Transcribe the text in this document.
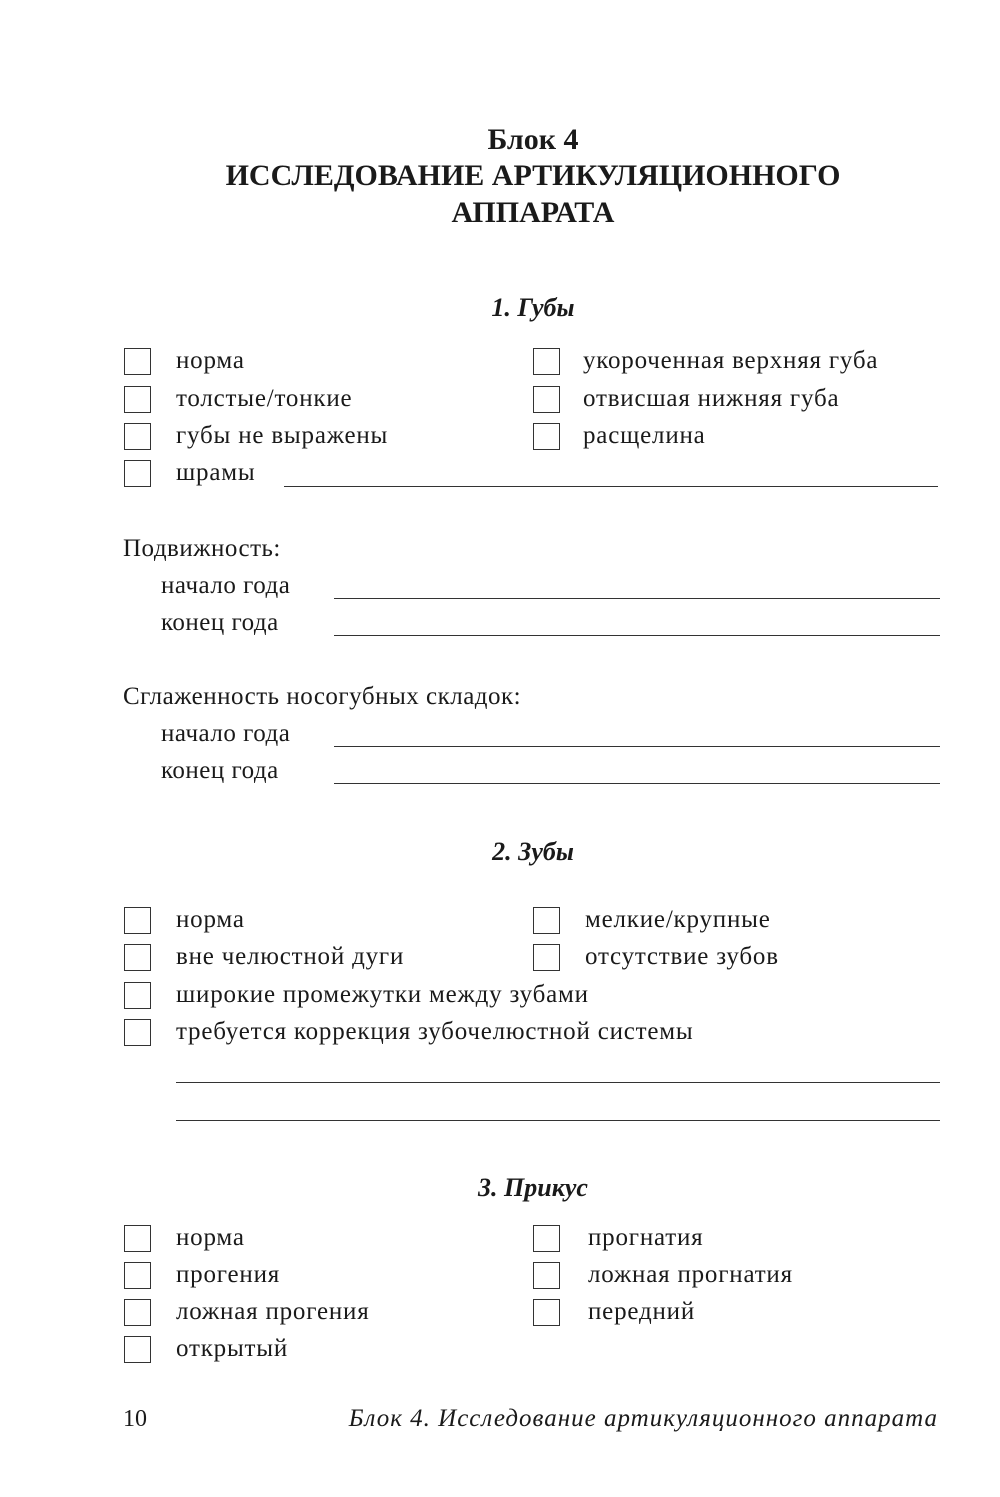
Блок 4
ИССЛЕДОВАНИЕ АРТИКУЛЯЦИОННОГО
АППАРАТА
1. Губы
норма
толстые/тонкие
губы не выражены
шрамы
укороченная верхняя губа
отвисшая нижняя губа
расщелина
Подвижность:
начало года
конец года
Сглаженность носогубных складок:
начало года
конец года
2. Зубы
норма
вне челюстной дуги
мелкие/крупные
отсутствие зубов
широкие промежутки между зубами
требуется коррекция зубочелюстной системы
3. Прикус
норма
прогения
ложная прогения
открытый
прогнатия
ложная прогнатия
передний
10	Блок 4. Исследование артикуляционного аппарата
